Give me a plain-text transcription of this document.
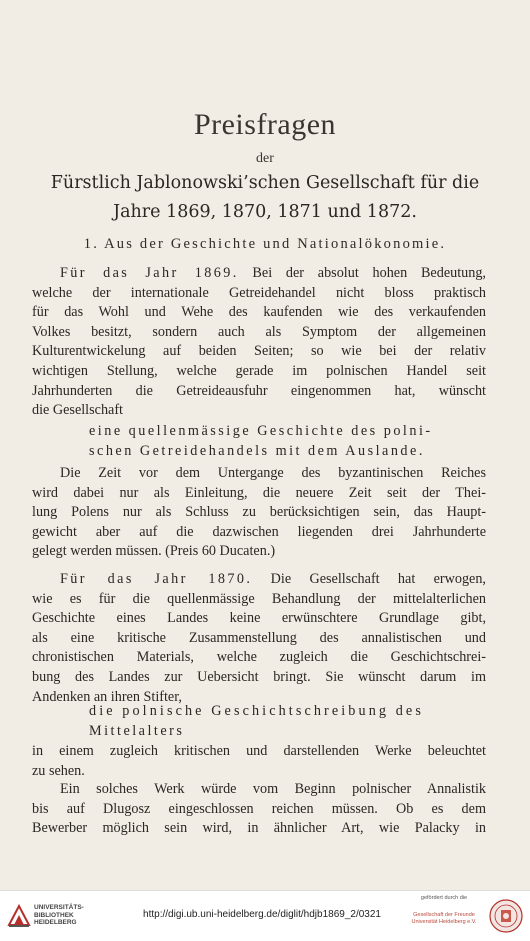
Preisfragen
der
Fürstlich Jablonowski’schen Gesellschaft für die
Jahre 1869, 1870, 1871 und 1872.
1. Aus der Geschichte und Nationalökonomie.
Für das Jahr 1869. Bei der absolut hohen Bedeutung,
welche der internationale Getreidehandel nicht bloss praktisch
für das Wohl und Wehe des kaufenden wie des verkaufenden
Volkes besitzt, sondern auch als Symptom der allgemeinen
Kulturentwickelung auf beiden Seiten; so wie bei der relativ
wichtigen Stellung, welche gerade im polnischen Handel seit
Jahrhunderten die Getreideausfuhr eingenommen hat, wünscht
die Gesellschaft
eine quellenmässige Geschichte des polni-
schen Getreidehandels mit dem Auslande.
Die Zeit vor dem Untergange des byzantinischen Reiches
wird dabei nur als Einleitung, die neuere Zeit seit der Thei-
lung Polens nur als Schluss zu berücksichtigen sein, das Haupt-
gewicht aber auf die dazwischen liegenden drei Jahrhunderte
gelegt werden müssen. (Preis 60 Ducaten.)
Für das Jahr 1870. Die Gesellschaft hat erwogen,
wie es für die quellenmässige Behandlung der mittelalterlichen
Geschichte eines Landes keine erwünschtere Grundlage gibt,
als eine kritische Zusammenstellung des annalistischen und
chronistischen Materials, welche zugleich die Geschichtschrei-
bung des Landes zur Uebersicht bringt. Sie wünscht darum im
Andenken an ihren Stifter,
die polnische Geschichtschreibung des
Mittelalters
in einem zugleich kritischen und darstellenden Werke beleuchtet
zu sehen.
Ein solches Werk würde vom Beginn polnischer Annalistik
bis auf Dlugosz eingeschlossen reichen müssen. Ob es dem
Bewerber möglich sein wird, in ähnlicher Art, wie Palacky in
UNIVERSITÄTS-
BIBLIOTHEK
HEIDELBERG
http://digi.ub.uni-heidelberg.de/diglit/hdjb1869_2/0321
gefördert durch die
Gesellschaft der Freunde
Universität Heidelberg e.V.
